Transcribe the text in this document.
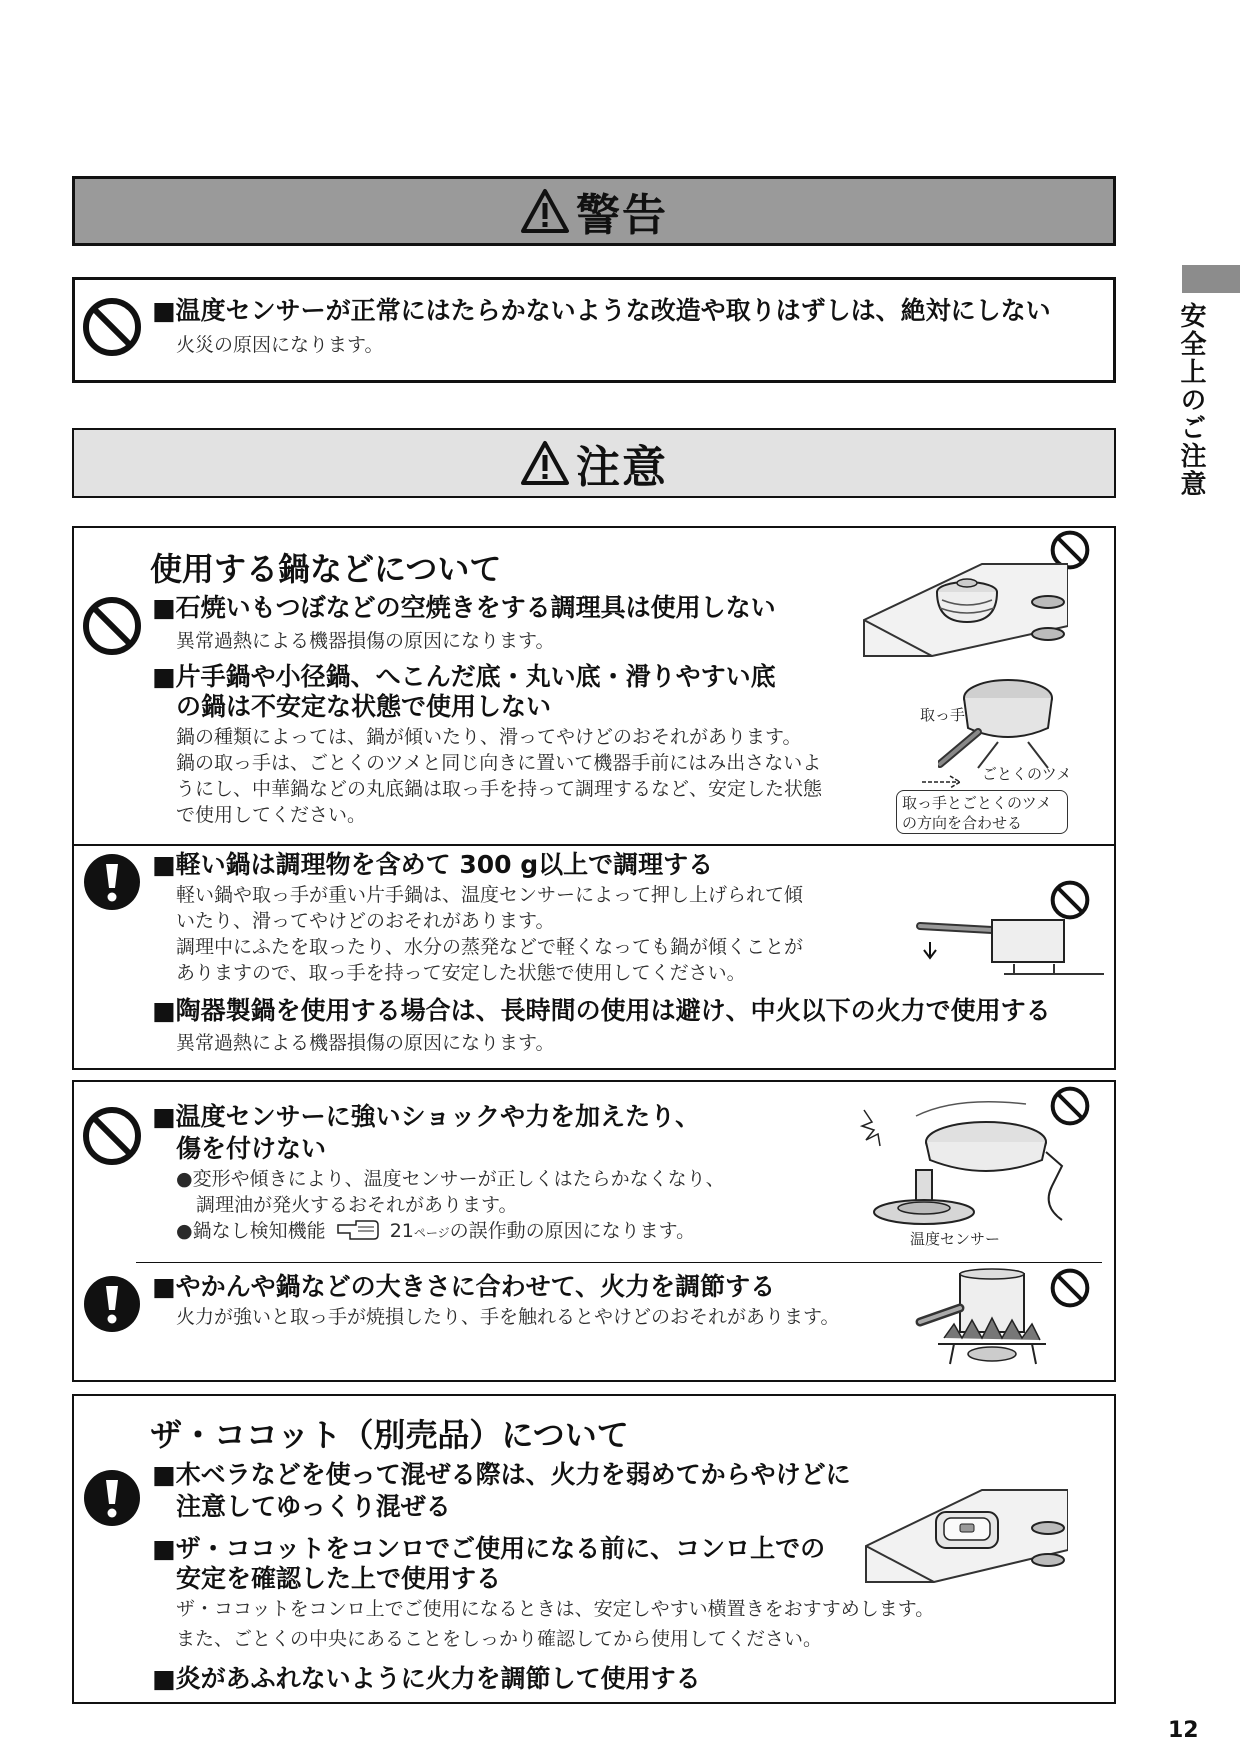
安全上のご注意
警告
■温度センサーが正常にはたらかないような改造や取りはずしは、絶対にしない
火災の原因になります。
注意
使用する鍋などについて
■石焼いもつぼなどの空焼きをする調理具は使用しない
異常過熱による機器損傷の原因になります。
■片手鍋や小径鍋、へこんだ底・丸い底・滑りやすい底
の鍋は不安定な状態で使用しない
鍋の種類によっては、鍋が傾いたり、滑ってやけどのおそれがあります。
鍋の取っ手は、ごとくのツメと同じ向きに置いて機器手前にはみ出さないよ
うにし、中華鍋などの丸底鍋は取っ手を持って調理するなど、安定した状態
で使用してください。
取っ手
ごとくのツメ
取っ手とごとくのツメ
の方向を合わせる
■軽い鍋は調理物を含めて 300 g以上で調理する
軽い鍋や取っ手が重い片手鍋は、温度センサーによって押し上げられて傾
いたり、滑ってやけどのおそれがあります。
調理中にふたを取ったり、水分の蒸発などで軽くなっても鍋が傾くことが
ありますので、取っ手を持って安定した状態で使用してください。
■陶器製鍋を使用する場合は、長時間の使用は避け、中火以下の火力で使用する
異常過熱による機器損傷の原因になります。
■温度センサーに強いショックや力を加えたり、
傷を付けない
●変形や傾きにより、温度センサーが正しくはたらかなくなり、
調理油が発火するおそれがあります。
●鍋なし検知機能	21ページの誤作動の原因になります。	温度センサー
■やかんや鍋などの大きさに合わせて、火力を調節する
火力が強いと取っ手が焼損したり、手を触れるとやけどのおそれがあります。
ザ・ココット（別売品）について
■木ベラなどを使って混ぜる際は、火力を弱めてからやけどに
注意してゆっくり混ぜる
■ザ・ココットをコンロでご使用になる前に、コンロ上での
安定を確認した上で使用する
ザ・ココットをコンロ上でご使用になるときは、安定しやすい横置きをおすすめします。
また、ごとくの中央にあることをしっかり確認してから使用してください。
■炎があふれないように火力を調節して使用する
12
